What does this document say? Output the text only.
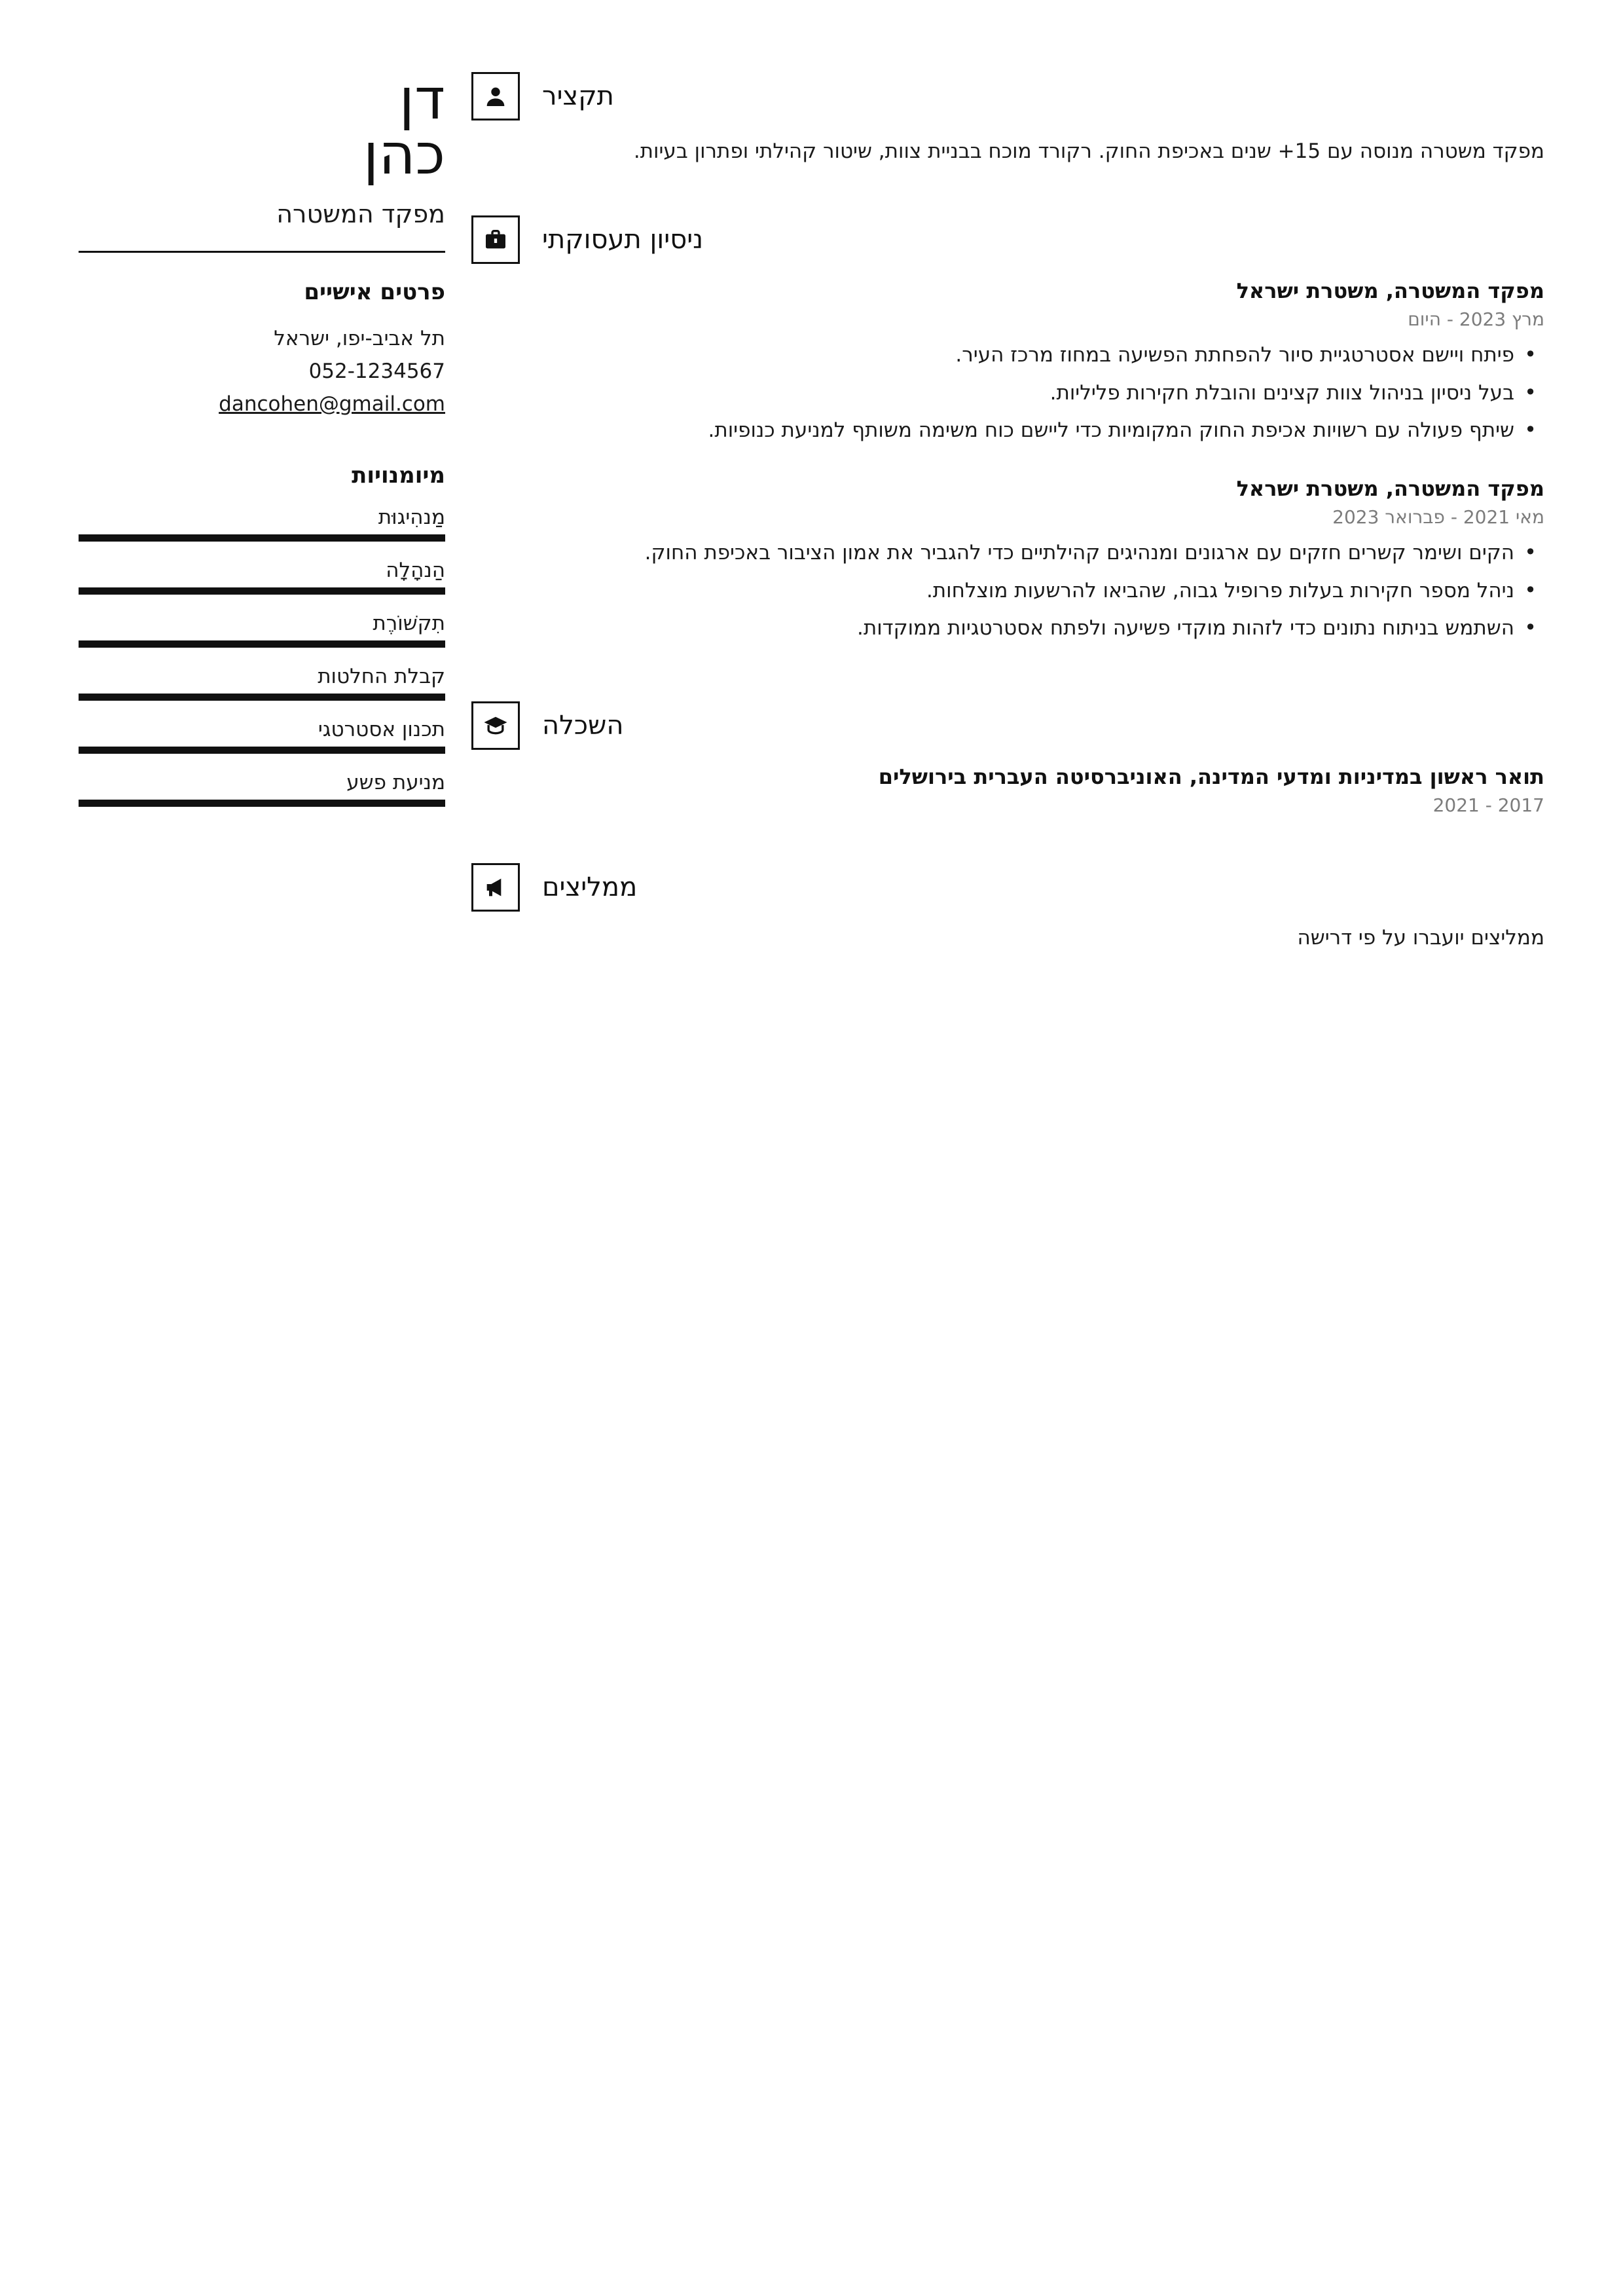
דן
כהן
מפקד המשטרה
פרטים אישיים
תל אביב-יפו, ישראל
052-1234567
dancohen@gmail.com
מיומנויות
מַנהִיגוּת
הַנהָלָה
תִקשׁוֹרֶת
קבלת החלטות
תכנון אסטרטגי
מניעת פשע
תקציר

מפקד משטרה מנוסה עם 15+ שנים באכיפת החוק. רקורד מוכח בבניית צוות, שיטור קהילתי ופתרון בעיות.

ניסיון תעסוקתי
מפקד המשטרה, משטרת ישראל
מרץ 2023 - היום
• פיתח ויישם אסטרטגיית סיור להפחתת הפשיעה במחוז מרכז העיר.
• בעל ניסיון בניהול צוות קצינים והובלת חקירות פליליות.
• שיתף פעולה עם רשויות אכיפת החוק המקומיות כדי ליישם כוח משימה משותף למניעת כנופיות.
מפקד המשטרה, משטרת ישראל
מאי 2021 - פברואר 2023
• הקים ושימר קשרים חזקים עם ארגונים ומנהיגים קהילתיים כדי להגביר את אמון הציבור באכיפת החוק.
• ניהל מספר חקירות בעלות פרופיל גבוה, שהביאו להרשעות מוצלחות.
• השתמש בניתוח נתונים כדי לזהות מוקדי פשיעה ולפתח אסטרטגיות ממוקדות.
השכלה
תואר ראשון במדיניות ומדעי המדינה, האוניברסיטה העברית בירושלים
2017 - 2021
ממליצים
ממליצים יועברו על פי דרישה
